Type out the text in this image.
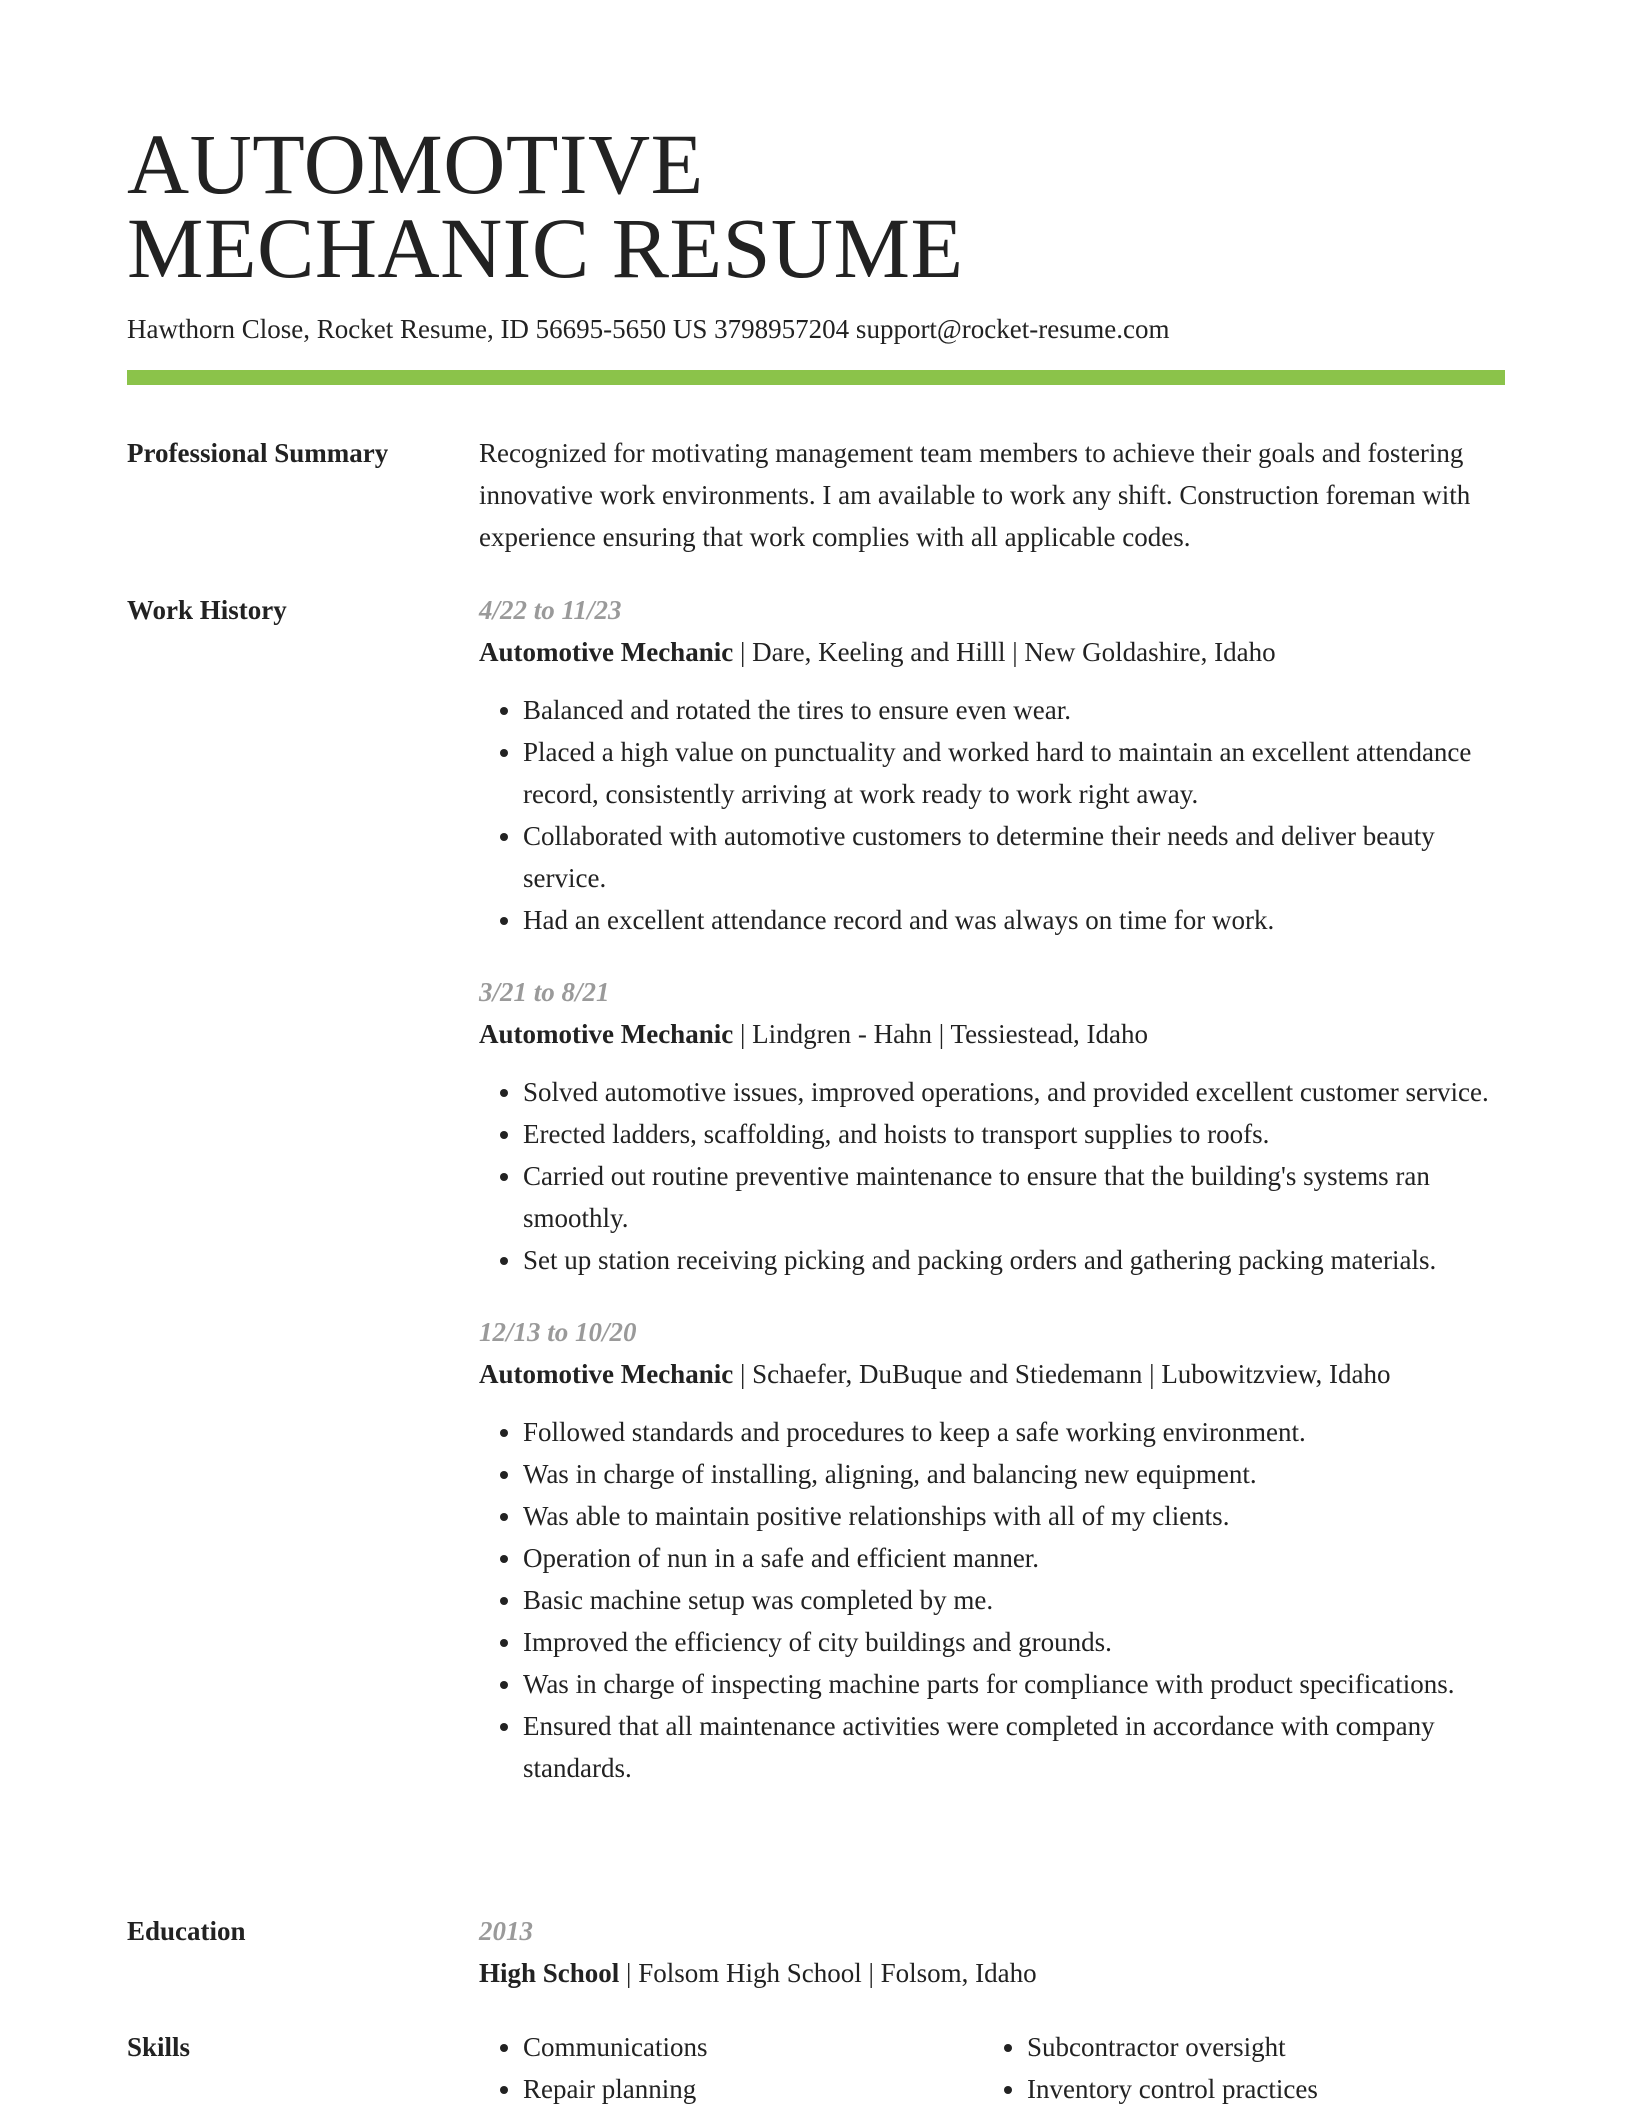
AUTOMOTIVE
MECHANIC RESUME
Hawthorn Close, Rocket Resume, ID 56695-5650 US 3798957204 support@rocket-resume.com
Professional Summary	Recognized for motivating management team members to achieve their goals and fostering innovative work environments. I am available to work any shift. Construction foreman with experience ensuring that work complies with all applicable codes.

Work History	4/22 to 11/23
Automotive Mechanic | Dare, Keeling and Hilll | New Goldashire, Idaho
• Balanced and rotated the tires to ensure even wear.
• Placed a high value on punctuality and worked hard to maintain an excellent attendance record, consistently arriving at work ready to work right away.
• Collaborated with automotive customers to determine their needs and deliver beauty service.
• Had an excellent attendance record and was always on time for work.
3/21 to 8/21
Automotive Mechanic | Lindgren - Hahn | Tessiestead, Idaho
• Solved automotive issues, improved operations, and provided excellent customer service.
• Erected ladders, scaffolding, and hoists to transport supplies to roofs.
• Carried out routine preventive maintenance to ensure that the building's systems ran smoothly.
• Set up station receiving picking and packing orders and gathering packing materials.
12/13 to 10/20
Automotive Mechanic | Schaefer, DuBuque and Stiedemann | Lubowitzview, Idaho
• Followed standards and procedures to keep a safe working environment.
• Was in charge of installing, aligning, and balancing new equipment.
• Was able to maintain positive relationships with all of my clients.
• Operation of nun in a safe and efficient manner.
• Basic machine setup was completed by me.
• Improved the efficiency of city buildings and grounds.
• Was in charge of inspecting machine parts for compliance with product specifications.
• Ensured that all maintenance activities were completed in accordance with company standards.
Education	2013
High School | Folsom High School | Folsom, Idaho
Skills
•	Communications
• Repair planning
• Subcontractor oversight
• Inventory control practices
